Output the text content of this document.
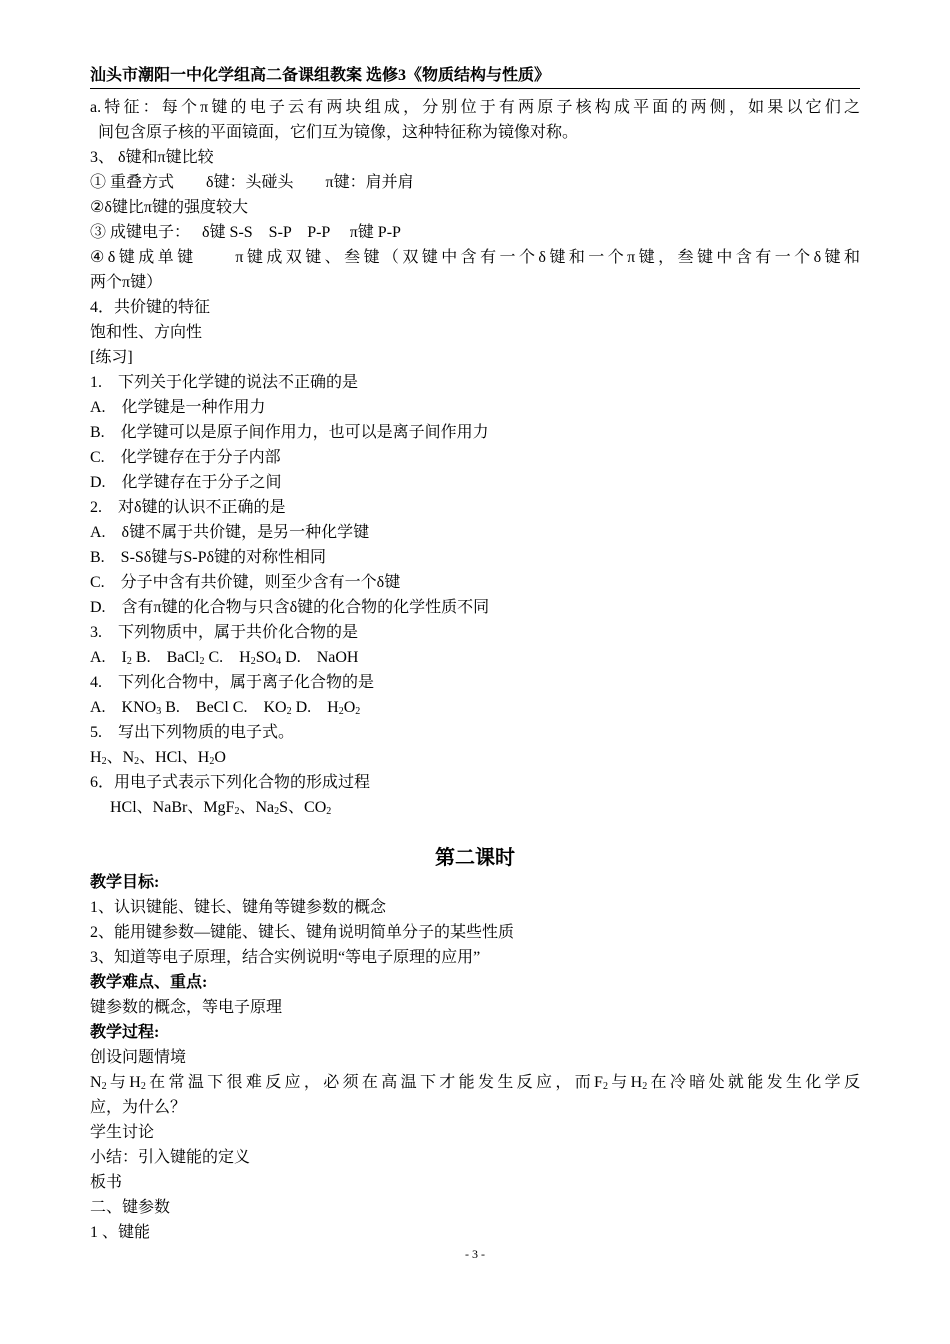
汕头市潮阳一中化学组高二备课组教案 选修3《物质结构与性质》
a.特征：每个π键的电子云有两块组成，分别位于有两原子核构成平面的两侧，如果以它们之
间包含原子核的平面镜面，它们互为镜像，这种特征称为镜像对称。
3、 δ键和π键比较
① 重叠方式　　δ键：头碰头　　π键：肩并肩
②δ键比π键的强度较大
③ 成键电子：　 δ键 S-S　S-P　P-P　 π键 P-P
④δ键成单键　　π键成双键、叁键（双键中含有一个δ键和一个π键，叁键中含有一个δ键和
两个π键）
4．共价键的特征
饱和性、方向性
[练习]
1.　下列关于化学键的说法不正确的是
A.　化学键是一种作用力
B.　化学键可以是原子间作用力，也可以是离子间作用力
C.　化学键存在于分子内部
D.　化学键存在于分子之间
2.　对δ键的认识不正确的是
A.　δ键不属于共价键，是另一种化学键
B.　S-Sδ键与S-Pδ键的对称性相同
C.　分子中含有共价键，则至少含有一个δ键
D.　含有π键的化合物与只含δ键的化合物的化学性质不同
3.　下列物质中，属于共价化合物的是
A.　$I_2$ B.　BaCl$_2$ C.　$H_2SO_4$ D.　NaOH
4.　下列化合物中，属于离子化合物的是
A.　$KNO_3$ B.　BeCl C.　$KO_2$ D.　$H_2O_2$
5.　写出下列物质的电子式。
$H_2$、$N_2$、HCl、$H_2O$
6．用电子式表示下列化合物的形成过程
HCl、NaBr、MgF$_2$、$Na_2S$、$CO_2$
第二课时
教学目标:
1、认识键能、键长、键角等键参数的概念
2、能用键参数—键能、键长、键角说明简单分子的某些性质
3、知道等电子原理，结合实例说明“等电子原理的应用”
教学难点、重点:
键参数的概念，等电子原理
教学过程:
创设问题情境
$N_2$与$H_2$在常温下很难反应，必须在高温下才能发生反应，而$F_2$与$H_2$在冷暗处就能发生化学反
应，为什么？
学生讨论
小结：引入键能的定义
板书
二、键参数
1 、键能
- 3 -
